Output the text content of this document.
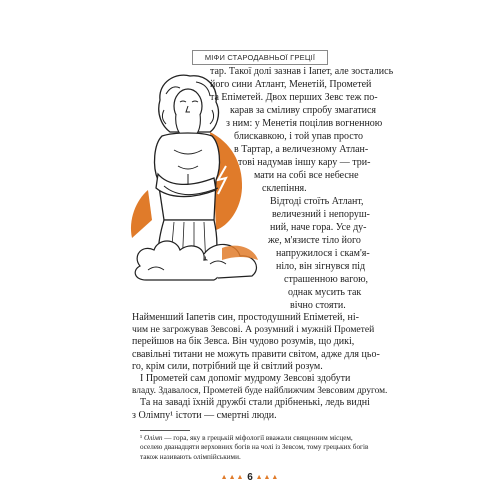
МІФИ СТАРОДАВНЬОЇ ГРЕЦІЇ
тар. Такої долі зазнав і Іапет, але зостались
його сини Атлант, Менетій, Прометей
та Епіметей. Двох перших Зевс теж по-
карав за сміливу спробу змагатися
з ним: у Менетія поцілив вогненною
блискавкою, і той упав просто
в Тартар, а величезному Атлан-
тові надумав іншу кару — три-
мати на собі все небесне
склепіння.
Відтоді стоїть Атлант,
величезний і непоруш-
ний, наче гора. Усе ду-
же, м'язисте тіло його
напружилося і скам'я-
ніло, він зігнувся під
страшенною вагою,
однак мусить так
вічно стояти.
Найменший Іапетів син, простодушний Епіметей, ні-
чим не загрожував Зевсові. А розумний і мужній Прометей
перейшов на бік Зевса. Він чудово розумів, що дикі,
свавільні титани не можуть правити світом, адже для цьо-
го, крім сили, потрібний ще й світлий розум.
І Прометей сам допоміг мудрому Зевсові здобути
владу. Здавалося, Прометей буде найближчим Зевсовим другом.
Та на заваді їхній дружбі стали дрібненькі, ледь видні
з Олімпу¹ істоти — смертні люди.
▲▲▲ 6 ▲▲▲
¹ Олімп — гора, яку в грецькій міфології вважали священним місцем,
оселею дванадцяти верховних богів на чолі із Зевсом, тому грецьких богів
також називають олімпійськими.
